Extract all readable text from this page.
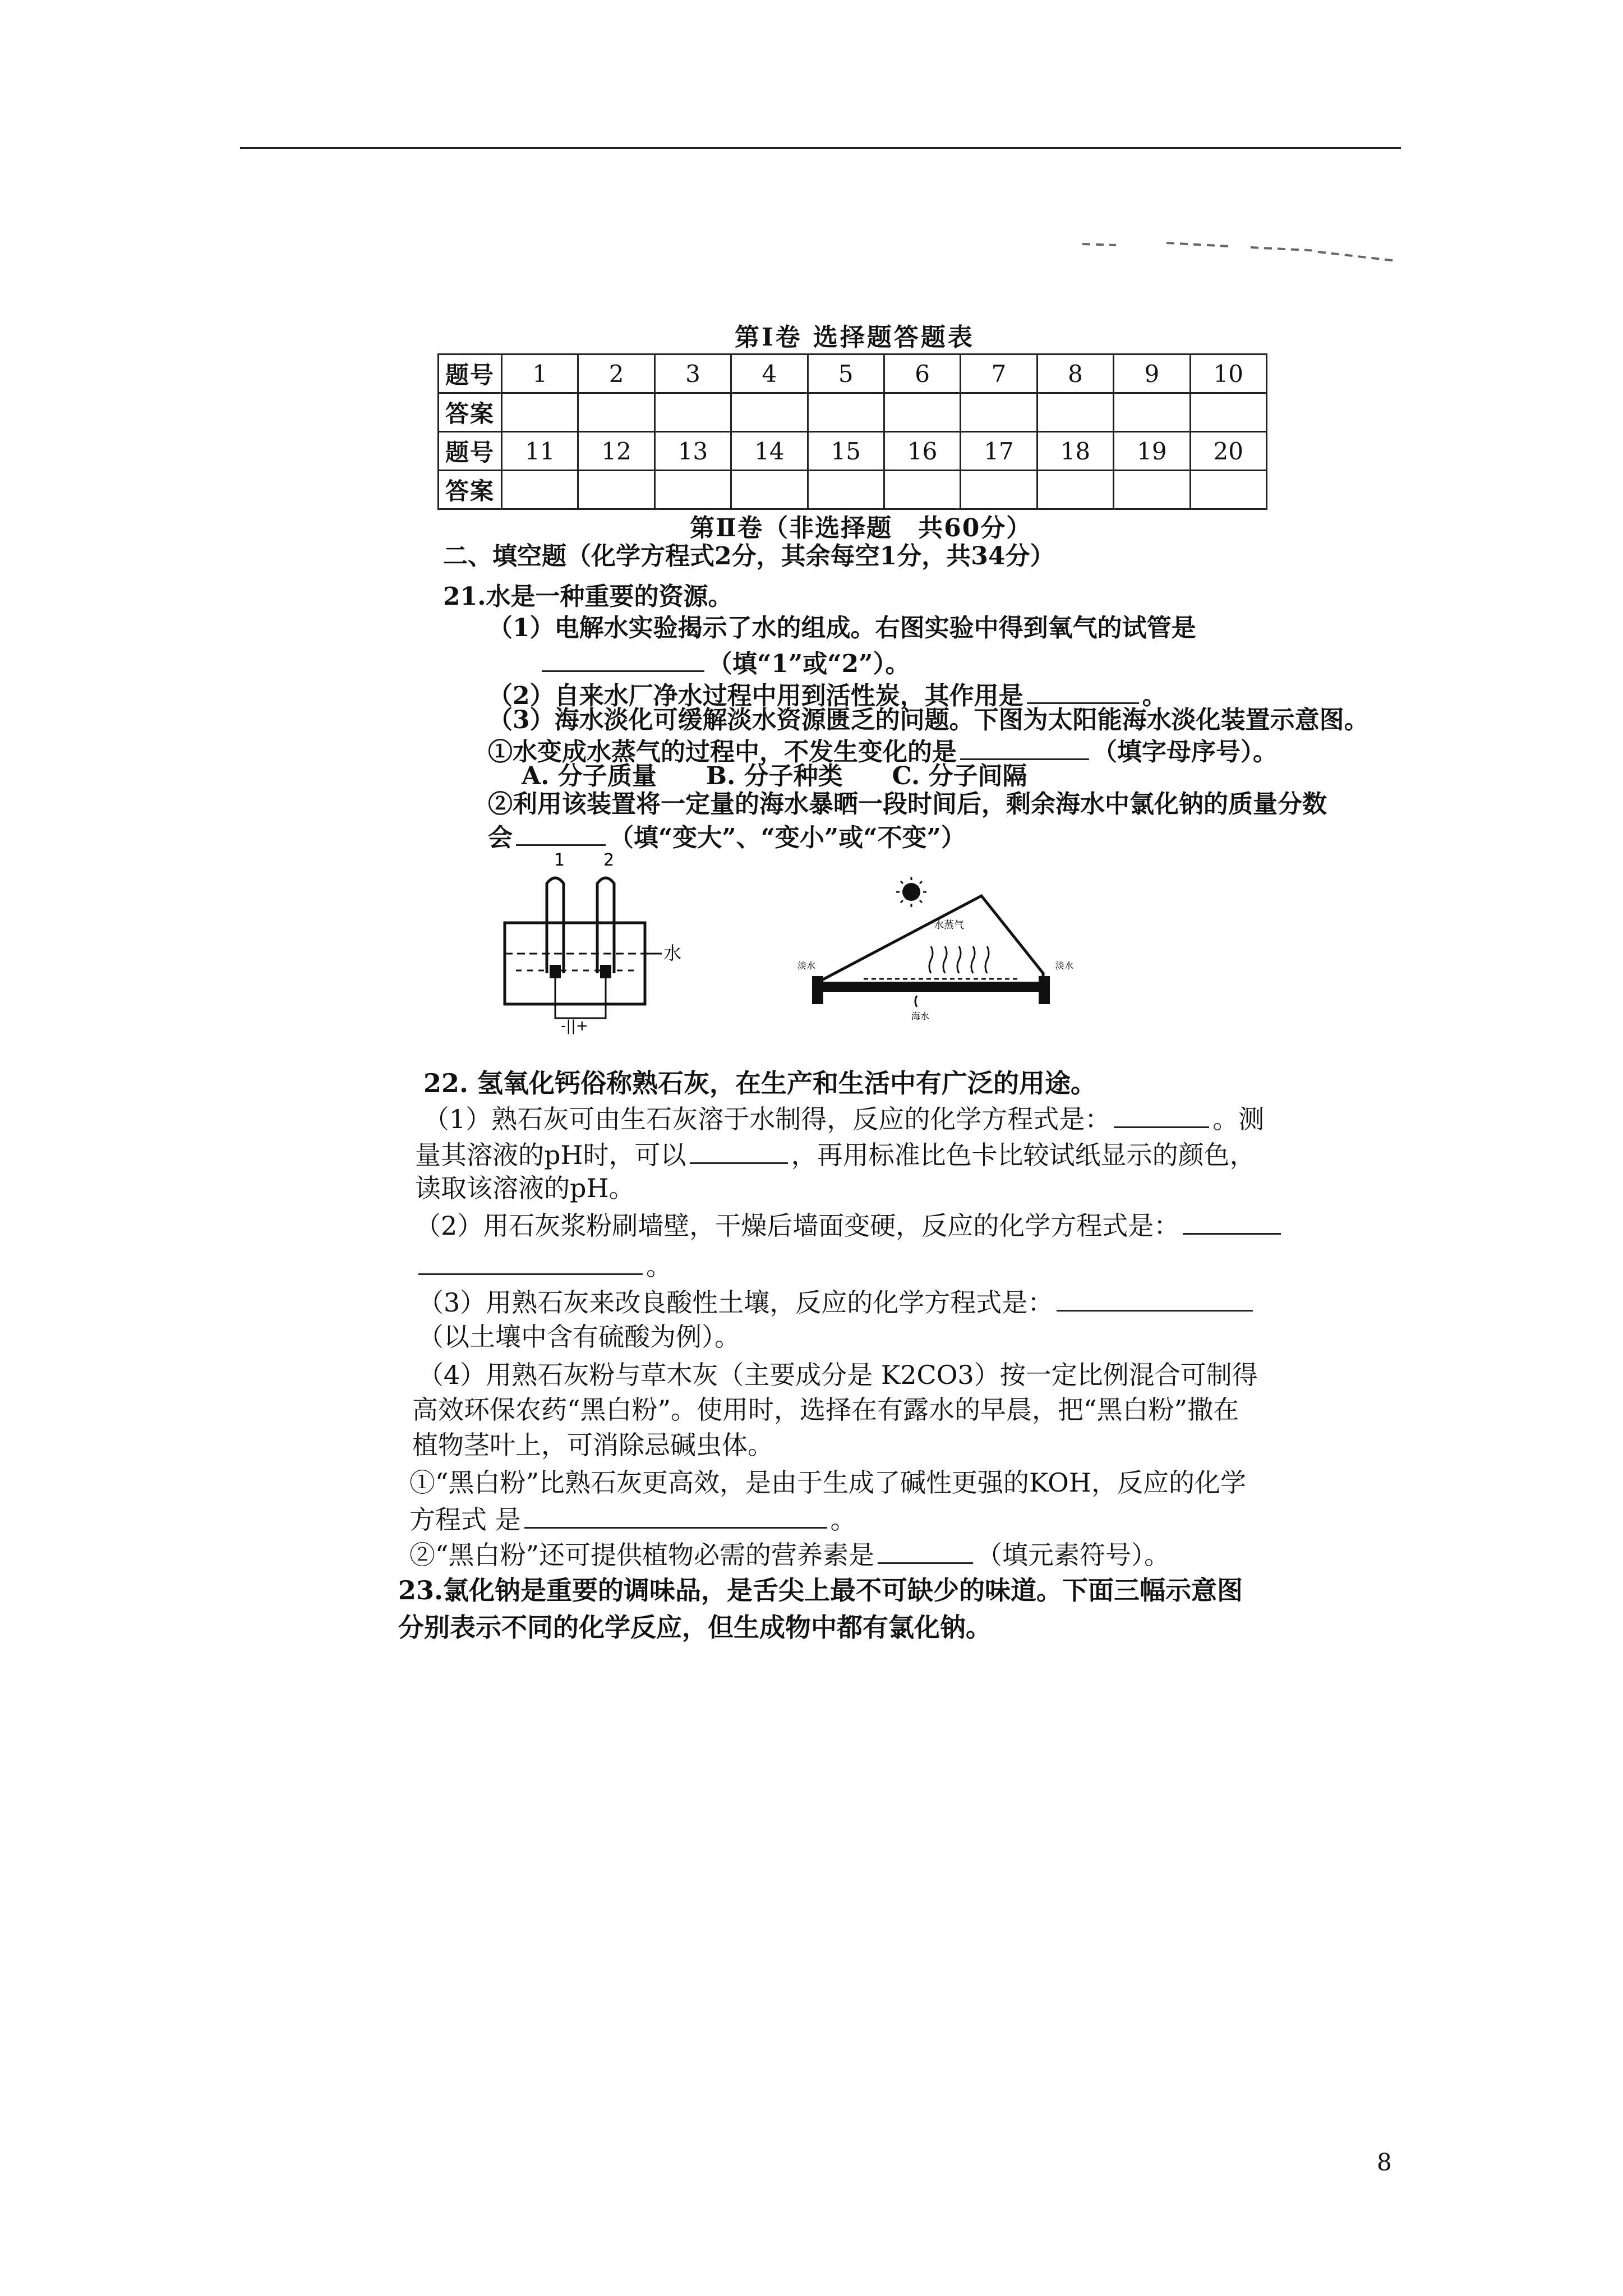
第Ⅰ卷 选择题答题表
题号	1	2	3	4	5	6	7	8	9	10
答案										
题号	11	12	13	14	15	16	17	18	19	20
答案										
第Ⅱ卷（非选择题　共60分）
二、填空题（化学方程式2分，其余每空1分，共34分）
21.水是一种重要的资源。
（1）电解水实验揭示了水的组成。右图实验中得到氧气的试管是
（填“1”或“2”）。
（2）自来水厂净水过程中用到活性炭，其作用是	。
（3）海水淡化可缓解淡水资源匮乏的问题。下图为太阳能海水淡化装置示意图。
①水变成水蒸气的过程中，不发生变化的是	（填字母序号）。
A. 分子质量　　B. 分子种类　　C. 分子间隔
②利用该装置将一定量的海水暴晒一段时间后，剩余海水中氯化钠的质量分数
会	（填“变大”、“变小”或“不变”）
1 2
水
-||+
水蒸气
淡水	淡水
海水
22. 氢氧化钙俗称熟石灰，在生产和生活中有广泛的用途。
（1）熟石灰可由生石灰溶于水制得，反应的化学方程式是：	。测
量其溶液的pH时，可以	，再用标准比色卡比较试纸显示的颜色，
读取该溶液的pH。
（2）用石灰浆粉刷墙壁，干燥后墙面变硬，反应的化学方程式是：
。
（3）用熟石灰来改良酸性土壤，反应的化学方程式是：
（以土壤中含有硫酸为例）。
（4）用熟石灰粉与草木灰（主要成分是 K2CO3）按一定比例混合可制得
高效环保农药“黑白粉”。使用时，选择在有露水的早晨，把“黑白粉”撒在
植物茎叶上，可消除忌碱虫体。
①“黑白粉”比熟石灰更高效，是由于生成了碱性更强的KOH，反应的化学
方程式 是	。
②“黑白粉”还可提供植物必需的营养素是	（填元素符号）。
23.氯化钠是重要的调味品，是舌尖上最不可缺少的味道。下面三幅示意图
分别表示不同的化学反应，但生成物中都有氯化钠。
8
